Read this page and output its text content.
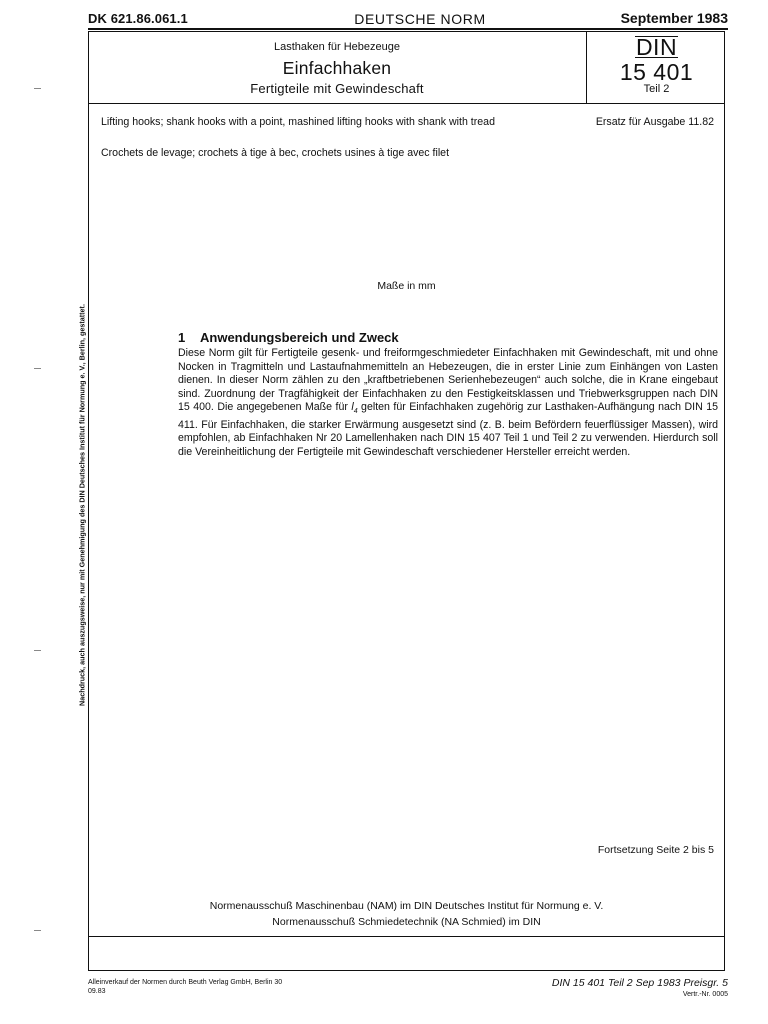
DK 621.86.061.1	DEUTSCHE NORM	September 1983
Lasthaken für Hebezeuge
Einfachhaken
Fertigteile mit Gewindeschaft
DIN
15 401
Teil 2
Lifting hooks; shank hooks with a point, mashined lifting hooks with shank with tread
Crochets de levage; crochets à tige à bec, crochets usines à tige avec filet
Ersatz für Ausgabe 11.82
Maße in mm
1 Anwendungsbereich und Zweck
Diese Norm gilt für Fertigteile gesenk- und freiformgeschmiedeter Einfachhaken mit Gewindeschaft, mit und ohne Nocken in Tragmitteln und Lastaufnahmemitteln an Hebezeugen, die in erster Linie zum Einhängen von Lasten dienen. In dieser Norm zählen zu den „kraftbetriebenen Serienhebezeugen“ auch solche, die in Krane eingebaut sind. Zuordnung der Tragfähigkeit der Einfachhaken zu den Festigkeitsklassen und Triebwerksgruppen nach DIN 15 400. Die angegebenen Maße für $l_4$ gelten für Einfachhaken zugehörig zur Lasthaken-Aufhängung nach DIN 15 411. Für Einfachhaken, die starker Erwärmung ausgesetzt sind (z. B. beim Befördern feuerflüssiger Massen), wird empfohlen, ab Einfachhaken Nr 20 Lamellenhaken nach DIN 15 407 Teil 1 und Teil 2 zu verwenden. Hierdurch soll die Vereinheitlichung der Fertigteile mit Gewindeschaft verschiedener Hersteller erreicht werden.
Fortsetzung Seite 2 bis 5
Normenausschuß Maschinenbau (NAM) im DIN Deutsches Institut für Normung e. V.
Normenausschuß Schmiedetechnik (NA Schmied) im DIN
Alleinverkauf der Normen durch Beuth Verlag GmbH, Berlin 30
09.83
DIN 15 401 Teil 2 Sep 1983 Preisgr. 5
Vertr.-Nr. 0005
Nachdruck, auch auszugsweise, nur mit Genehmigung des DIN Deutsches Institut für Normung e. V., Berlin, gestattet.
